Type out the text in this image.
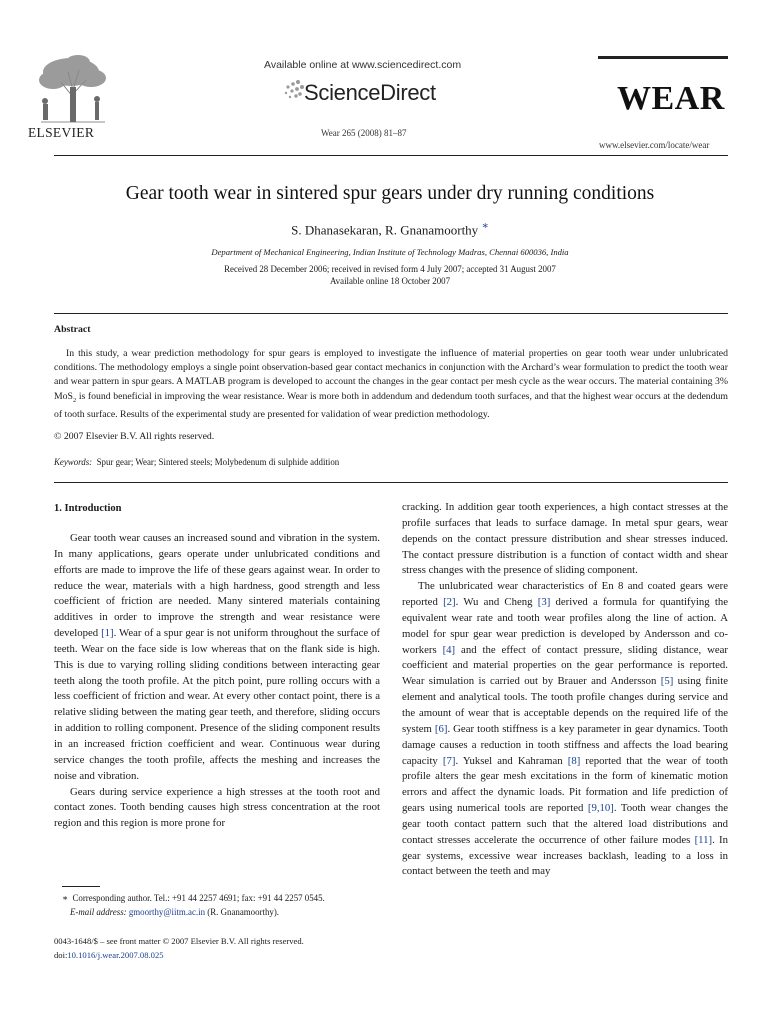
Available online at www.sciencedirect.com
ScienceDirect
Wear 265 (2008) 81–87
ELSEVIER
WEAR
www.elsevier.com/locate/wear
Gear tooth wear in sintered spur gears under dry running conditions
S. Dhanasekaran, R. Gnanamoorthy ∗
Department of Mechanical Engineering, Indian Institute of Technology Madras, Chennai 600036, India
Received 28 December 2006; received in revised form 4 July 2007; accepted 31 August 2007
Available online 18 October 2007
Abstract

In this study, a wear prediction methodology for spur gears is employed to investigate the influence of material properties on gear tooth wear under unlubricated conditions. The methodology employs a single point observation-based gear contact mechanics in conjunction with the Archard’s wear formulation to predict the tooth wear and wear pattern in spur gears. A MATLAB program is developed to account the changes in the gear contact per mesh cycle as the wear occurs. The material containing 3% MoS$_2$ is found beneficial in improving the wear resistance. Wear is more both in addendum and dedendum tooth surfaces, and that the highest wear occurs at the dedendum of tooth surface. Results of the experimental study are presented for validation of wear prediction methodology.

© 2007 Elsevier B.V. All rights reserved.
Keywords: Spur gear; Wear; Sintered steels; Molybedenum di sulphide addition
1. Introduction

Gear tooth wear causes an increased sound and vibration in the system. In many applications, gears operate under unlubricated conditions and efforts are made to improve the life of these gears against wear. In order to reduce the wear, materials with a high hardness, good strength and less coefficient of friction are needed. Many sintered materials containing additives in order to improve the strength and wear resistance were developed [1]. Wear of a spur gear is not uniform throughout the surface of teeth. Wear on the face side is low whereas that on the flank side is high. This is due to varying rolling sliding conditions between interacting gear teeth along the tooth profile. At the pitch point, pure rolling occurs with a less coefficient of friction and wear. At every other contact point, there is a relative sliding between the mating gear teeth, and therefore, sliding occurs in addition to rolling component. Presence of the sliding component results in an increased friction coefficient and wear. Continuous wear during service changes the tooth profile, affects the meshing and increases the noise and vibration.

Gears during service experience a high stresses at the tooth root and contact zones. Tooth bending causes high stress concentration at the root region and this region is more prone for

cracking. In addition gear tooth experiences, a high contact stresses at the profile surfaces that leads to surface damage. In metal spur gears, wear depends on the contact pressure distribution and shear stresses induced. The contact pressure distribution is a function of contact width and shear stress changes with the presence of sliding component.

The unlubricated wear characteristics of En 8 and coated gears were reported [2]. Wu and Cheng [3] derived a formula for quantifying the equivalent wear rate and tooth wear profiles along the line of action. A model for spur gear wear prediction is developed by Andersson and co-workers [4] and the effect of contact pressure, sliding distance, wear coefficient and material properties on the gear performance is reported. Wear simulation is carried out by Brauer and Andersson [5] using finite element and analytical tools. The tooth profile changes during service and the amount of wear that is acceptable depends on the required life of the system [6]. Gear tooth stiffness is a key parameter in gear dynamics. Tooth damage causes a reduction in tooth stiffness and affects the load bearing capacity [7]. Yuksel and Kahraman [8] reported that the wear of tooth profile alters the gear mesh excitations in the form of kinematic motion errors and affect the dynamic loads. Pit formation and life prediction of gears using numerical tools are reported [9,10]. Tooth wear changes the gear tooth contact pattern such that the altered load distributions and contact stresses accelerate the occurrence of other failure modes [11]. In gear systems, excessive wear increases backlash, leading to a loss in contact between the teeth and may

∗ Corresponding author. Tel.: +91 44 2257 4691; fax: +91 44 2257 0545.
E-mail address: gmoorthy@iitm.ac.in (R. Gnanamoorthy).
0043-1648/$ – see front matter © 2007 Elsevier B.V. All rights reserved.
doi:10.1016/j.wear.2007.08.025
